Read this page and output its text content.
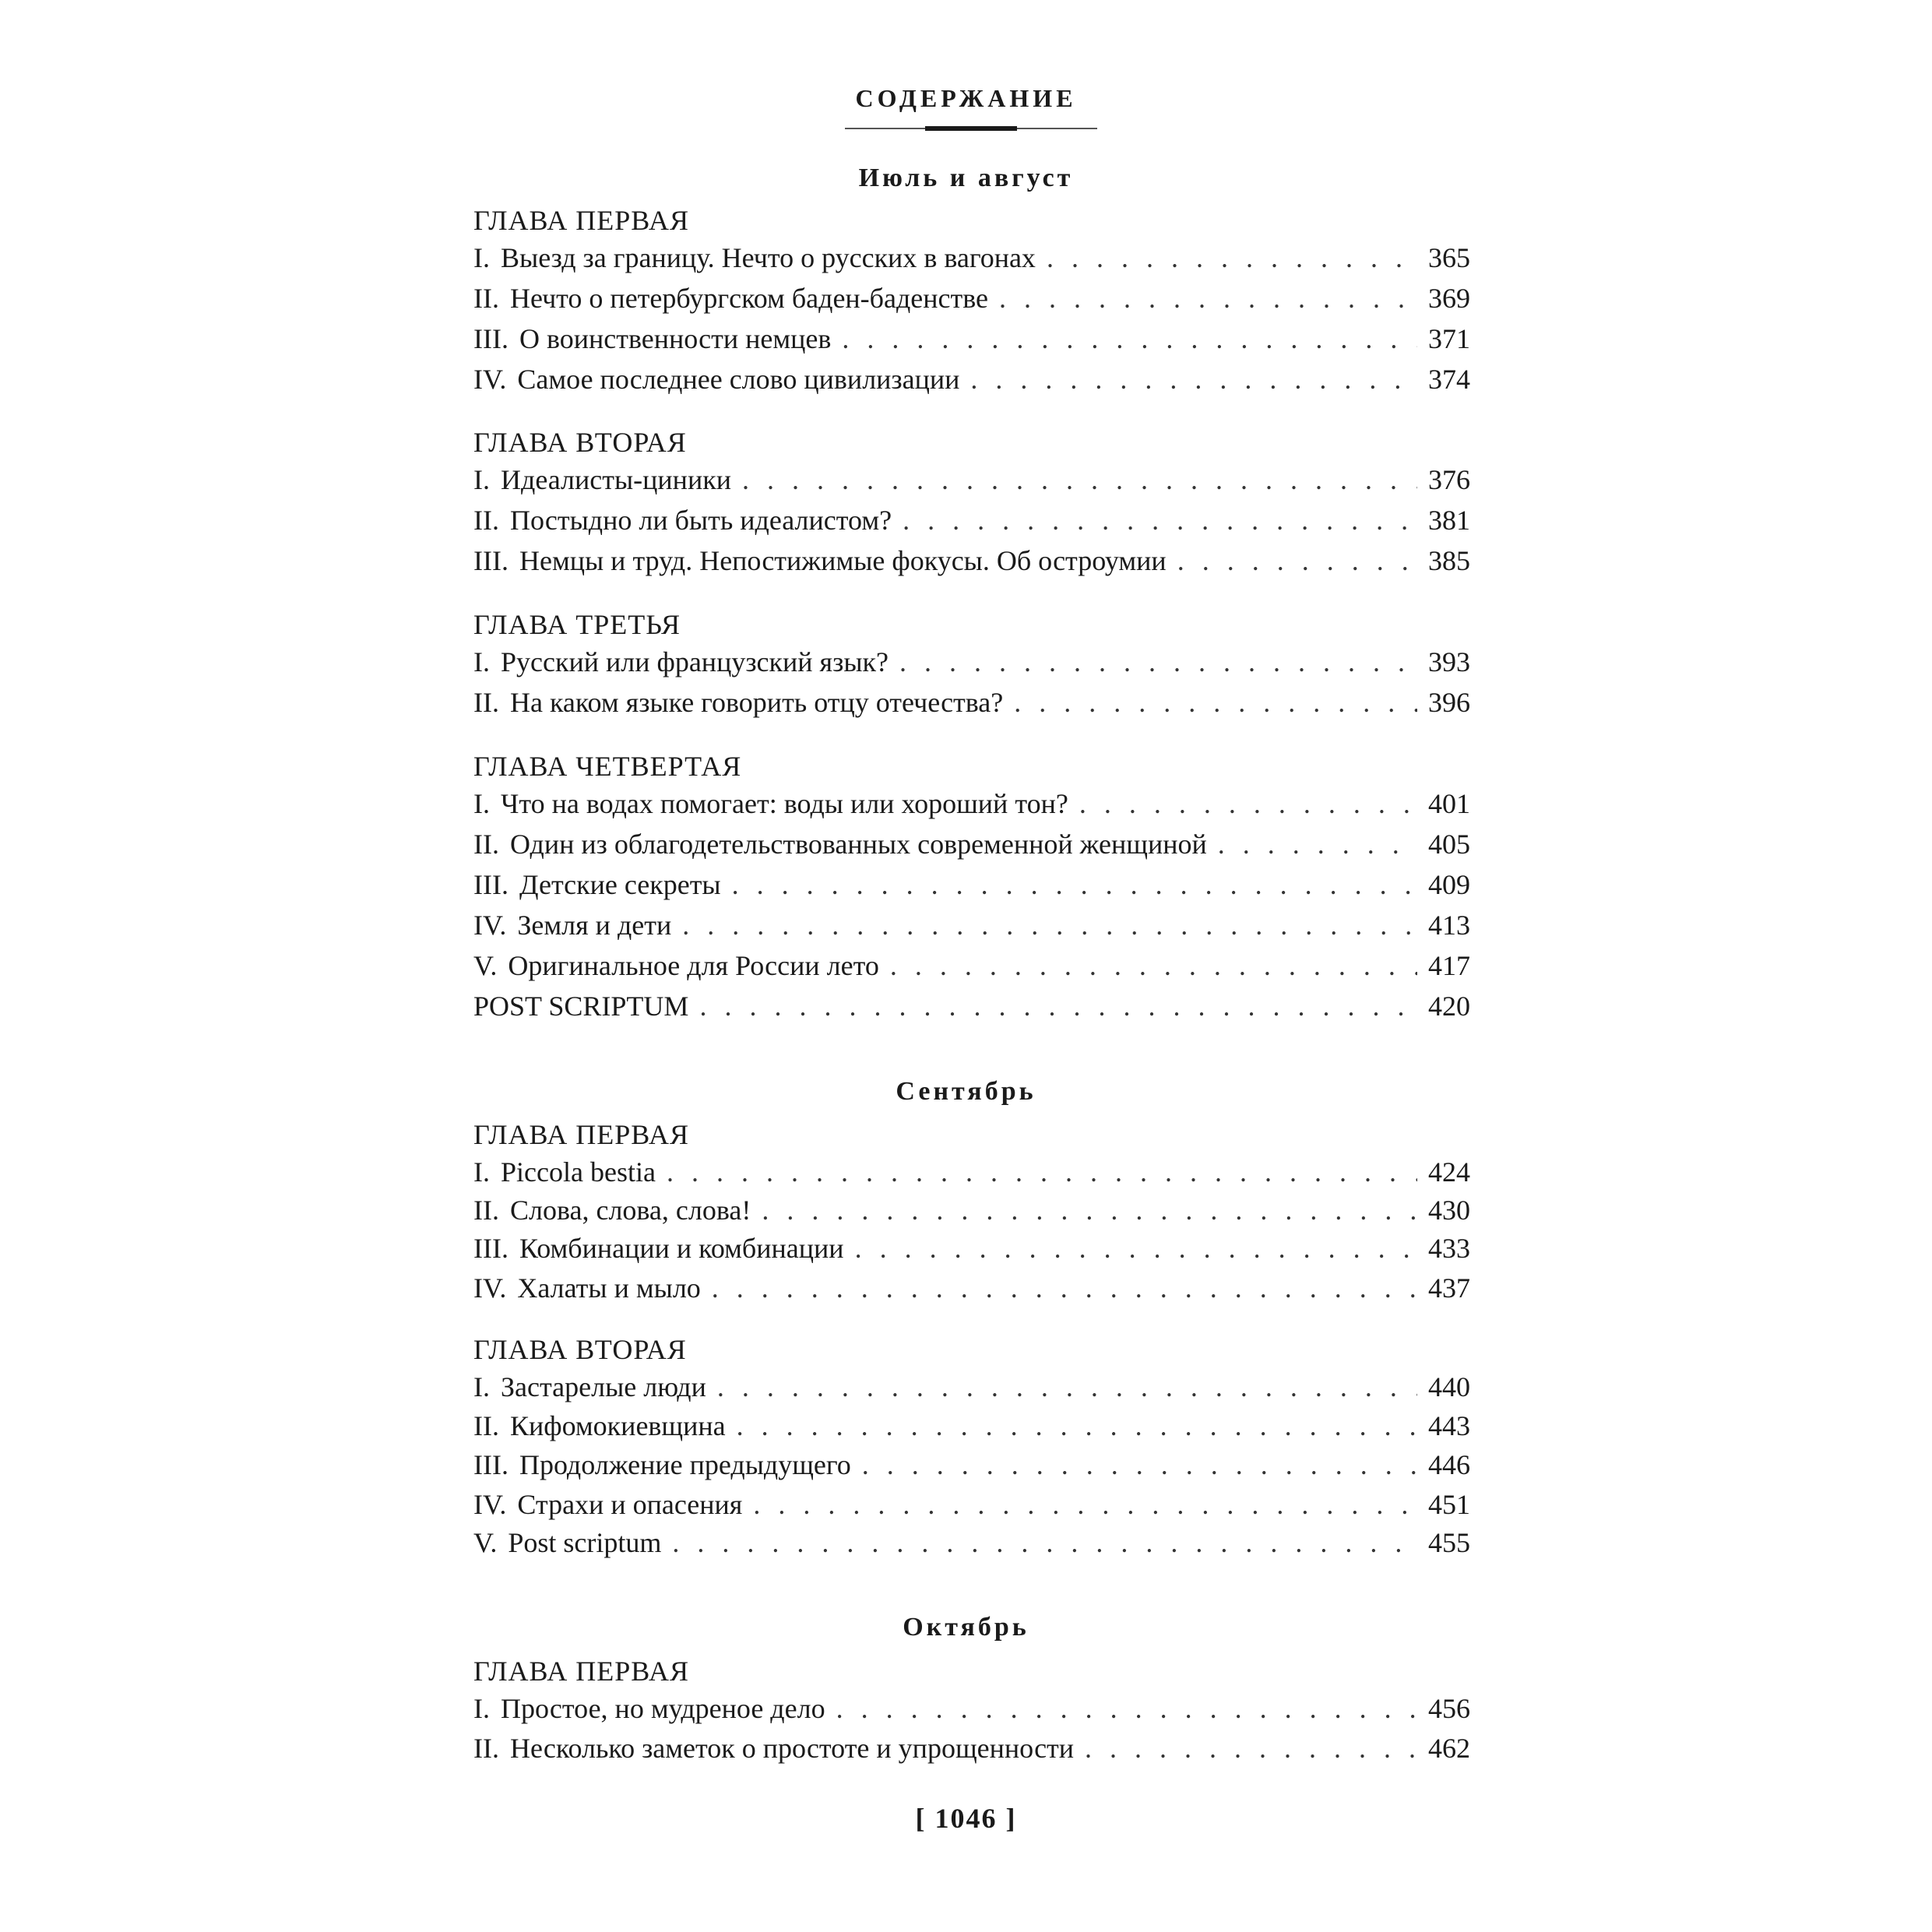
СОДЕРЖАНИЕ
Июль и август
ГЛАВА ПЕРВАЯ
I. Выезд за границу. Нечто о русских в вагонах . . .	365
II. Нечто о петербургском баден-баденстве . . .	369
III. О воинственности немцев . . .	371
IV. Самое последнее слово цивилизации . . .	374
ГЛАВА ВТОРАЯ
I. Идеалисты-циники . . .	376
II. Постыдно ли быть идеалистом? . . .	381
III. Немцы и труд. Непостижимые фокусы. Об остроумии . . .	385
ГЛАВА ТРЕТЬЯ
I. Русский или французский язык? . . .	393
II. На каком языке говорить отцу отечества? . . .	396
ГЛАВА ЧЕТВЕРТАЯ
I. Что на водах помогает: воды или хороший тон? . . .	401
II. Один из облагодетельствованных современной женщиной . . .	405
III. Детские секреты . . .	409
IV. Земля и дети . . .	413
V. Оригинальное для России лето . . .	417
POST SCRIPTUM . . .	420
Сентябрь
ГЛАВА ПЕРВАЯ
I. Piccola bestia . . .	424
II. Слова, слова, слова! . . .	430
III. Комбинации и комбинации . . .	433
IV. Халаты и мыло . . .	437
ГЛАВА ВТОРАЯ
I. Застарелые люди . . .	440
II. Кифомокиевщина . . .	443
III. Продолжение предыдущего . . .	446
IV. Страхи и опасения . . .	451
V. Post scriptum . . .	455
Октябрь
ГЛАВА ПЕРВАЯ
I. Простое, но мудреное дело . . .	456
II. Несколько заметок о простоте и упрощенности . . .	462
[ 1046 ]
